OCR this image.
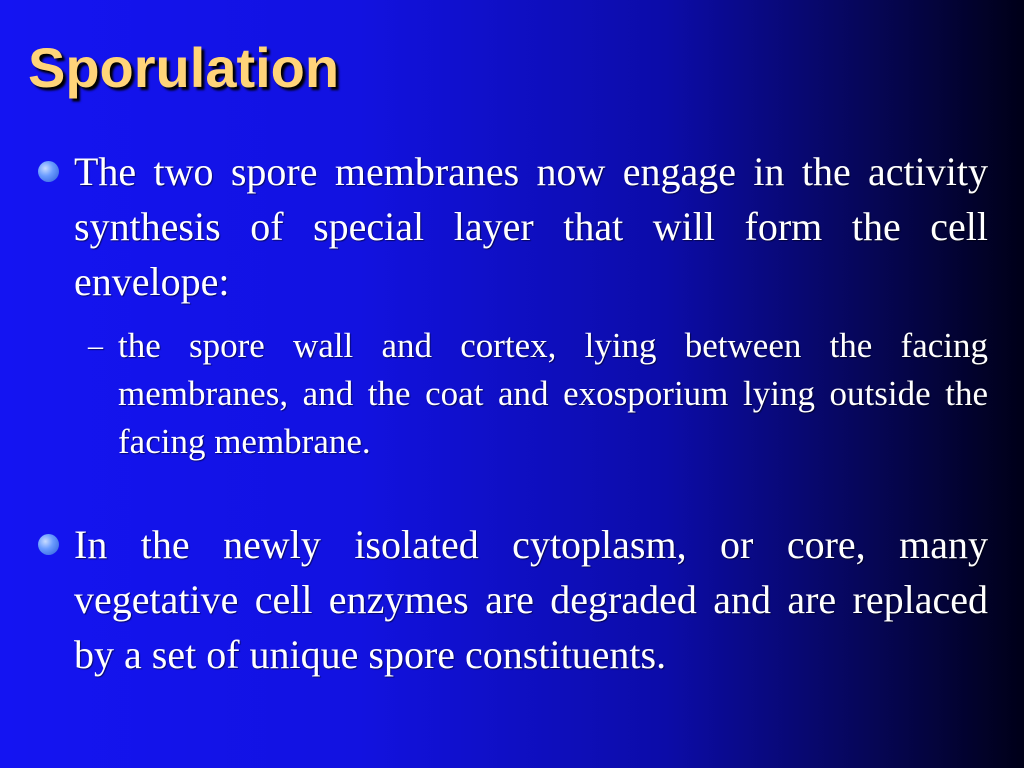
Sporulation
The two spore membranes now engage in the activity synthesis of special layer that will form the cell envelope:
– the spore wall and cortex, lying between the facing membranes, and the coat and exosporium lying outside the facing membrane.
In the newly isolated cytoplasm, or core, many vegetative cell enzymes are degraded and are replaced by a set of unique spore constituents.
